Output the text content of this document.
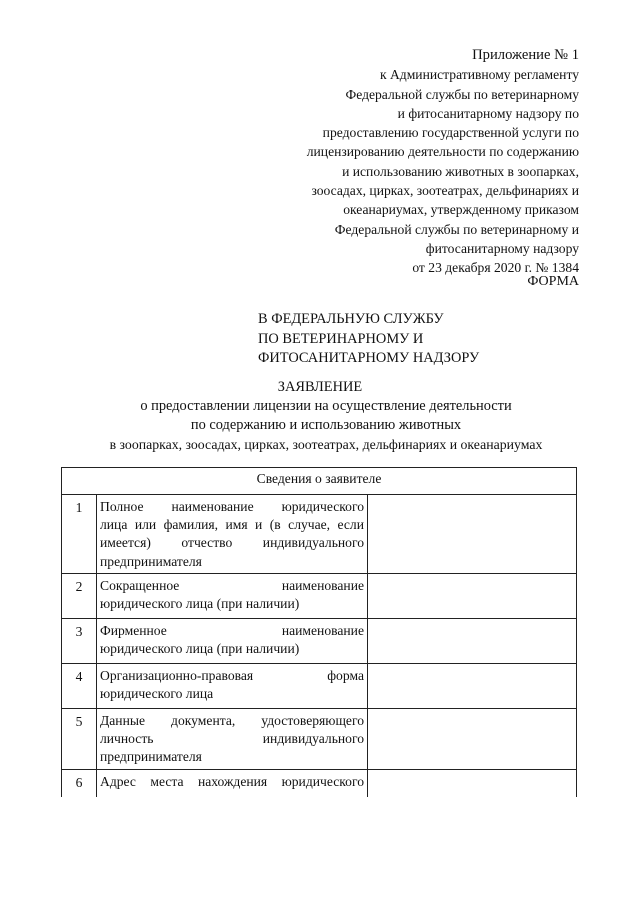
Приложение № 1
к Административному регламенту
Федеральной службы по ветеринарному
и фитосанитарному надзору по
предоставлению государственной услуги по
лицензированию деятельности по содержанию
и использованию животных в зоопарках,
зоосадах, цирках, зоотеатрах, дельфинариях и
океанариумах, утвержденному приказом
Федеральной службы по ветеринарному и
фитосанитарному надзору
от 23 декабря 2020 г. № 1384
ФОРМА
В ФЕДЕРАЛЬНУЮ СЛУЖБУ
ПО ВЕТЕРИНАРНОМУ И
ФИТОСАНИТАРНОМУ НАДЗОРУ
ЗАЯВЛЕНИЕ
о предоставлении лицензии на осуществление деятельности
по содержанию и использованию животных
в зоопарках, зоосадах, цирках, зоотеатрах, дельфинариях и океанариумах
Сведения о заявителе		
1	Полное наименование юридического
лица или фамилия, имя и (в случае, если
имеется) отчество индивидуального
предпринимателя	

2	Сокращенное наименование
юридического лица (при наличии)	

3	Фирменное наименование
юридического лица (при наличии)	

4	Организационно-правовая форма
юридического лица	

5	Данные документа, удостоверяющего
личность индивидуального
предпринимателя	

6	Адрес места нахождения юридического	
